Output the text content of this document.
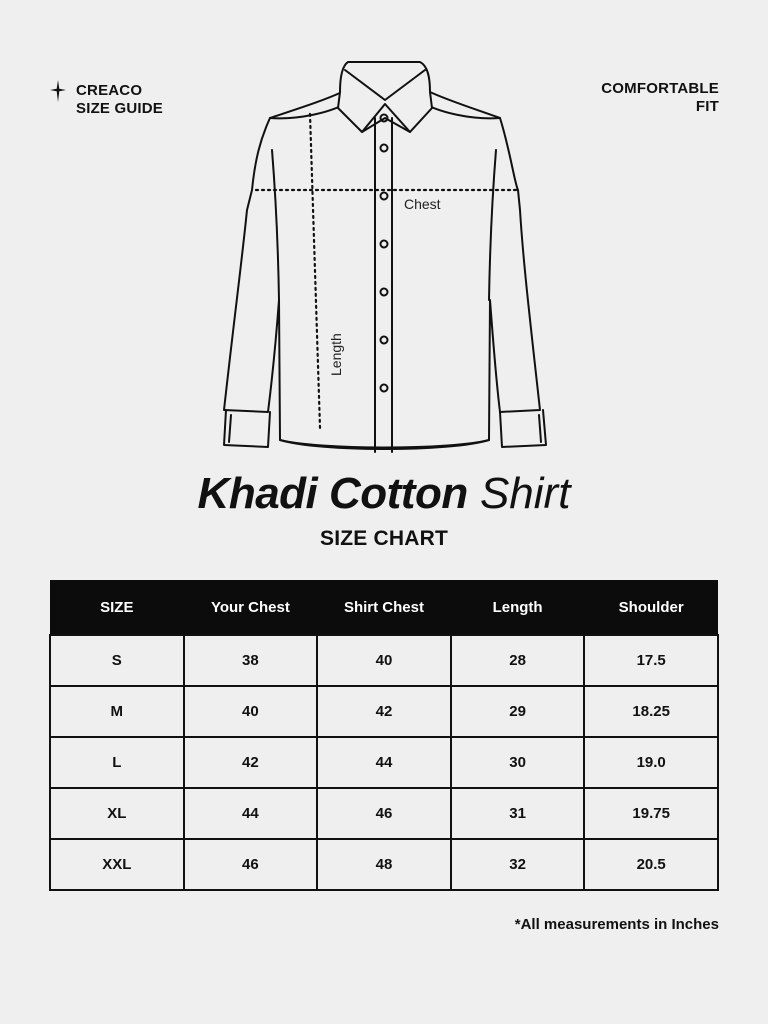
CREACO
SIZE GUIDE
COMFORTABLE
FIT
Chest
Length
Khadi Cotton Shirt
SIZE CHART
SIZE	Your Chest	Shirt Chest	Length	Shoulder
S	38	40	28	17.5
M	40	42	29	18.25
L	42	44	30	19.0
XL	44	46	31	19.75
XXL	46	48	32	20.5
*All measurements in Inches
